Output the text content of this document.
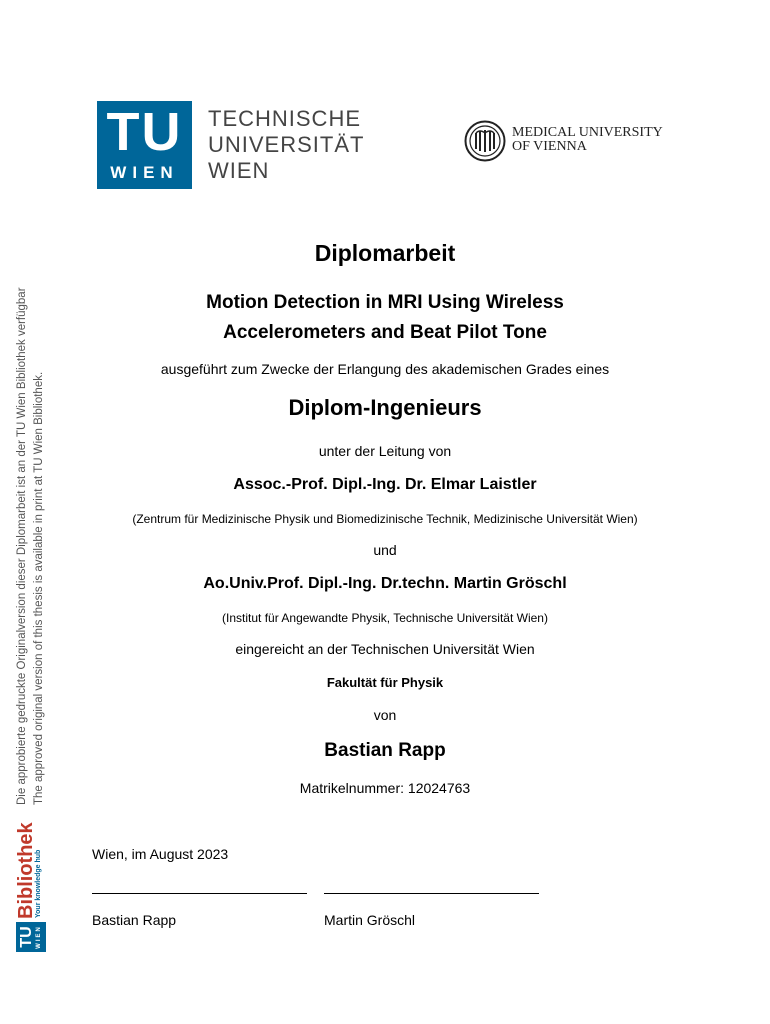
TU
WIEN
TECHNISCHE
UNIVERSITÄT
WIEN
MEDICAL UNIVERSITY
OF VIENNA
Die approbierte gedruckte Originalversion dieser Diplomarbeit ist an der TU Wien Bibliothek verfügbar The approved original version of this thesis is available in print at TU Wien Bibliothek.
TU WIEN
Bibliothek
Your knowledge hub
Diplomarbeit
Motion Detection in MRI Using Wireless
Accelerometers and Beat Pilot Tone
ausgeführt zum Zwecke der Erlangung des akademischen Grades eines
Diplom-Ingenieurs
unter der Leitung von
Assoc.-Prof. Dipl.-Ing. Dr. Elmar Laistler
(Zentrum für Medizinische Physik und Biomedizinische Technik, Medizinische Universität Wien)
und
Ao.Univ.Prof. Dipl.-Ing. Dr.techn. Martin Gröschl
(Institut für Angewandte Physik, Technische Universität Wien)
eingereicht an der Technischen Universität Wien
Fakultät für Physik
von
Bastian Rapp
Matrikelnummer: 12024763
Wien, im August 2023
Bastian Rapp	Martin Gröschl
